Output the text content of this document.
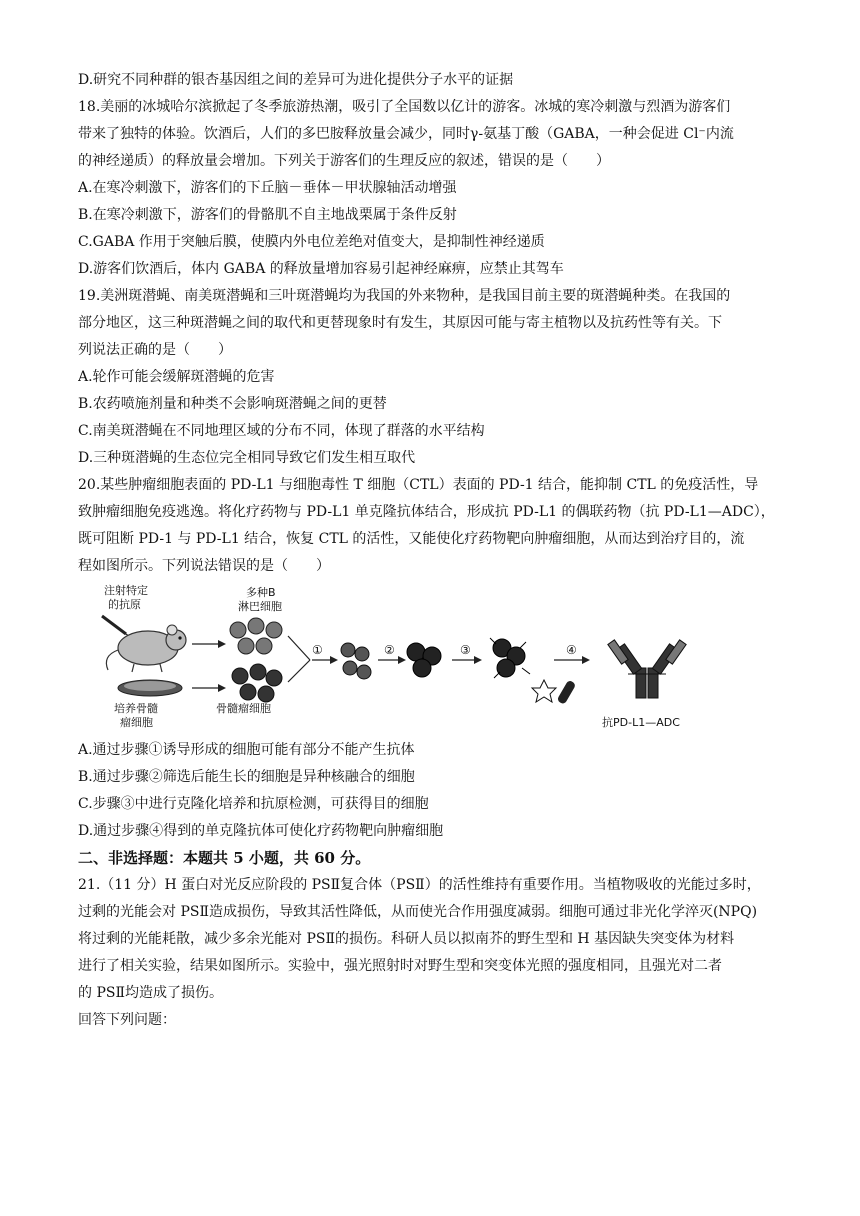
D.研究不同种群的银杏基因组之间的差异可为进化提供分子水平的证据
18.美丽的冰城哈尔滨掀起了冬季旅游热潮，吸引了全国数以亿计的游客。冰城的寒冷刺激与烈酒为游客们
带来了独特的体验。饮酒后，人们的多巴胺释放量会减少，同时γ-氨基丁酸（GABA，一种会促进 Cl⁻内流
的神经递质）的释放量会增加。下列关于游客们的生理反应的叙述，错误的是（　　）
A.在寒冷刺激下，游客们的下丘脑－垂体－甲状腺轴活动增强
B.在寒冷刺激下，游客们的骨骼肌不自主地战栗属于条件反射
C.GABA 作用于突触后膜，使膜内外电位差绝对值变大，是抑制性神经递质
D.游客们饮酒后，体内 GABA 的释放量增加容易引起神经麻痹，应禁止其驾车
19.美洲斑潜蝇、南美斑潜蝇和三叶斑潜蝇均为我国的外来物种，是我国目前主要的斑潜蝇种类。在我国的
部分地区，这三种斑潜蝇之间的取代和更替现象时有发生，其原因可能与寄主植物以及抗药性等有关。下
列说法正确的是（　　）
A.轮作可能会缓解斑潜蝇的危害
B.农药喷施剂量和种类不会影响斑潜蝇之间的更替
C.南美斑潜蝇在不同地理区域的分布不同，体现了群落的水平结构
D.三种斑潜蝇的生态位完全相同导致它们发生相互取代
20.某些肿瘤细胞表面的 PD-L1 与细胞毒性 T 细胞（CTL）表面的 PD-1 结合，能抑制 CTL 的免疫活性，导
致肿瘤细胞免疫逃逸。将化疗药物与 PD-L1 单克隆抗体结合，形成抗 PD-L1 的偶联药物（抗 PD-L1—ADC），
既可阻断 PD-1 与 PD-L1 结合，恢复 CTL 的活性，又能使化疗药物靶向肿瘤细胞，从而达到治疗目的，流
程如图所示。下列说法错误的是（　　）
注射特定
的抗原
培养骨髓
瘤细胞
多种B
淋巴细胞
骨髓瘤细胞
①	②	③	④
抗PD-L1—ADC
A.通过步骤①诱导形成的细胞可能有部分不能产生抗体
B.通过步骤②筛选后能生长的细胞是异种核融合的细胞
C.步骤③中进行克隆化培养和抗原检测，可获得目的细胞
D.通过步骤④得到的单克隆抗体可使化疗药物靶向肿瘤细胞
二、非选择题：本题共 5 小题，共 60 分。
21.（11 分）H 蛋白对光反应阶段的 PSⅡ复合体（PSⅡ）的活性维持有重要作用。当植物吸收的光能过多时，
过剩的光能会对 PSⅡ造成损伤，导致其活性降低，从而使光合作用强度减弱。细胞可通过非光化学淬灭(NPQ)
将过剩的光能耗散，减少多余光能对 PSⅡ的损伤。科研人员以拟南芥的野生型和 H 基因缺失突变体为材料
进行了相关实验，结果如图所示。实验中，强光照射时对野生型和突变体光照的强度相同，且强光对二者
的 PSⅡ均造成了损伤。
回答下列问题：
